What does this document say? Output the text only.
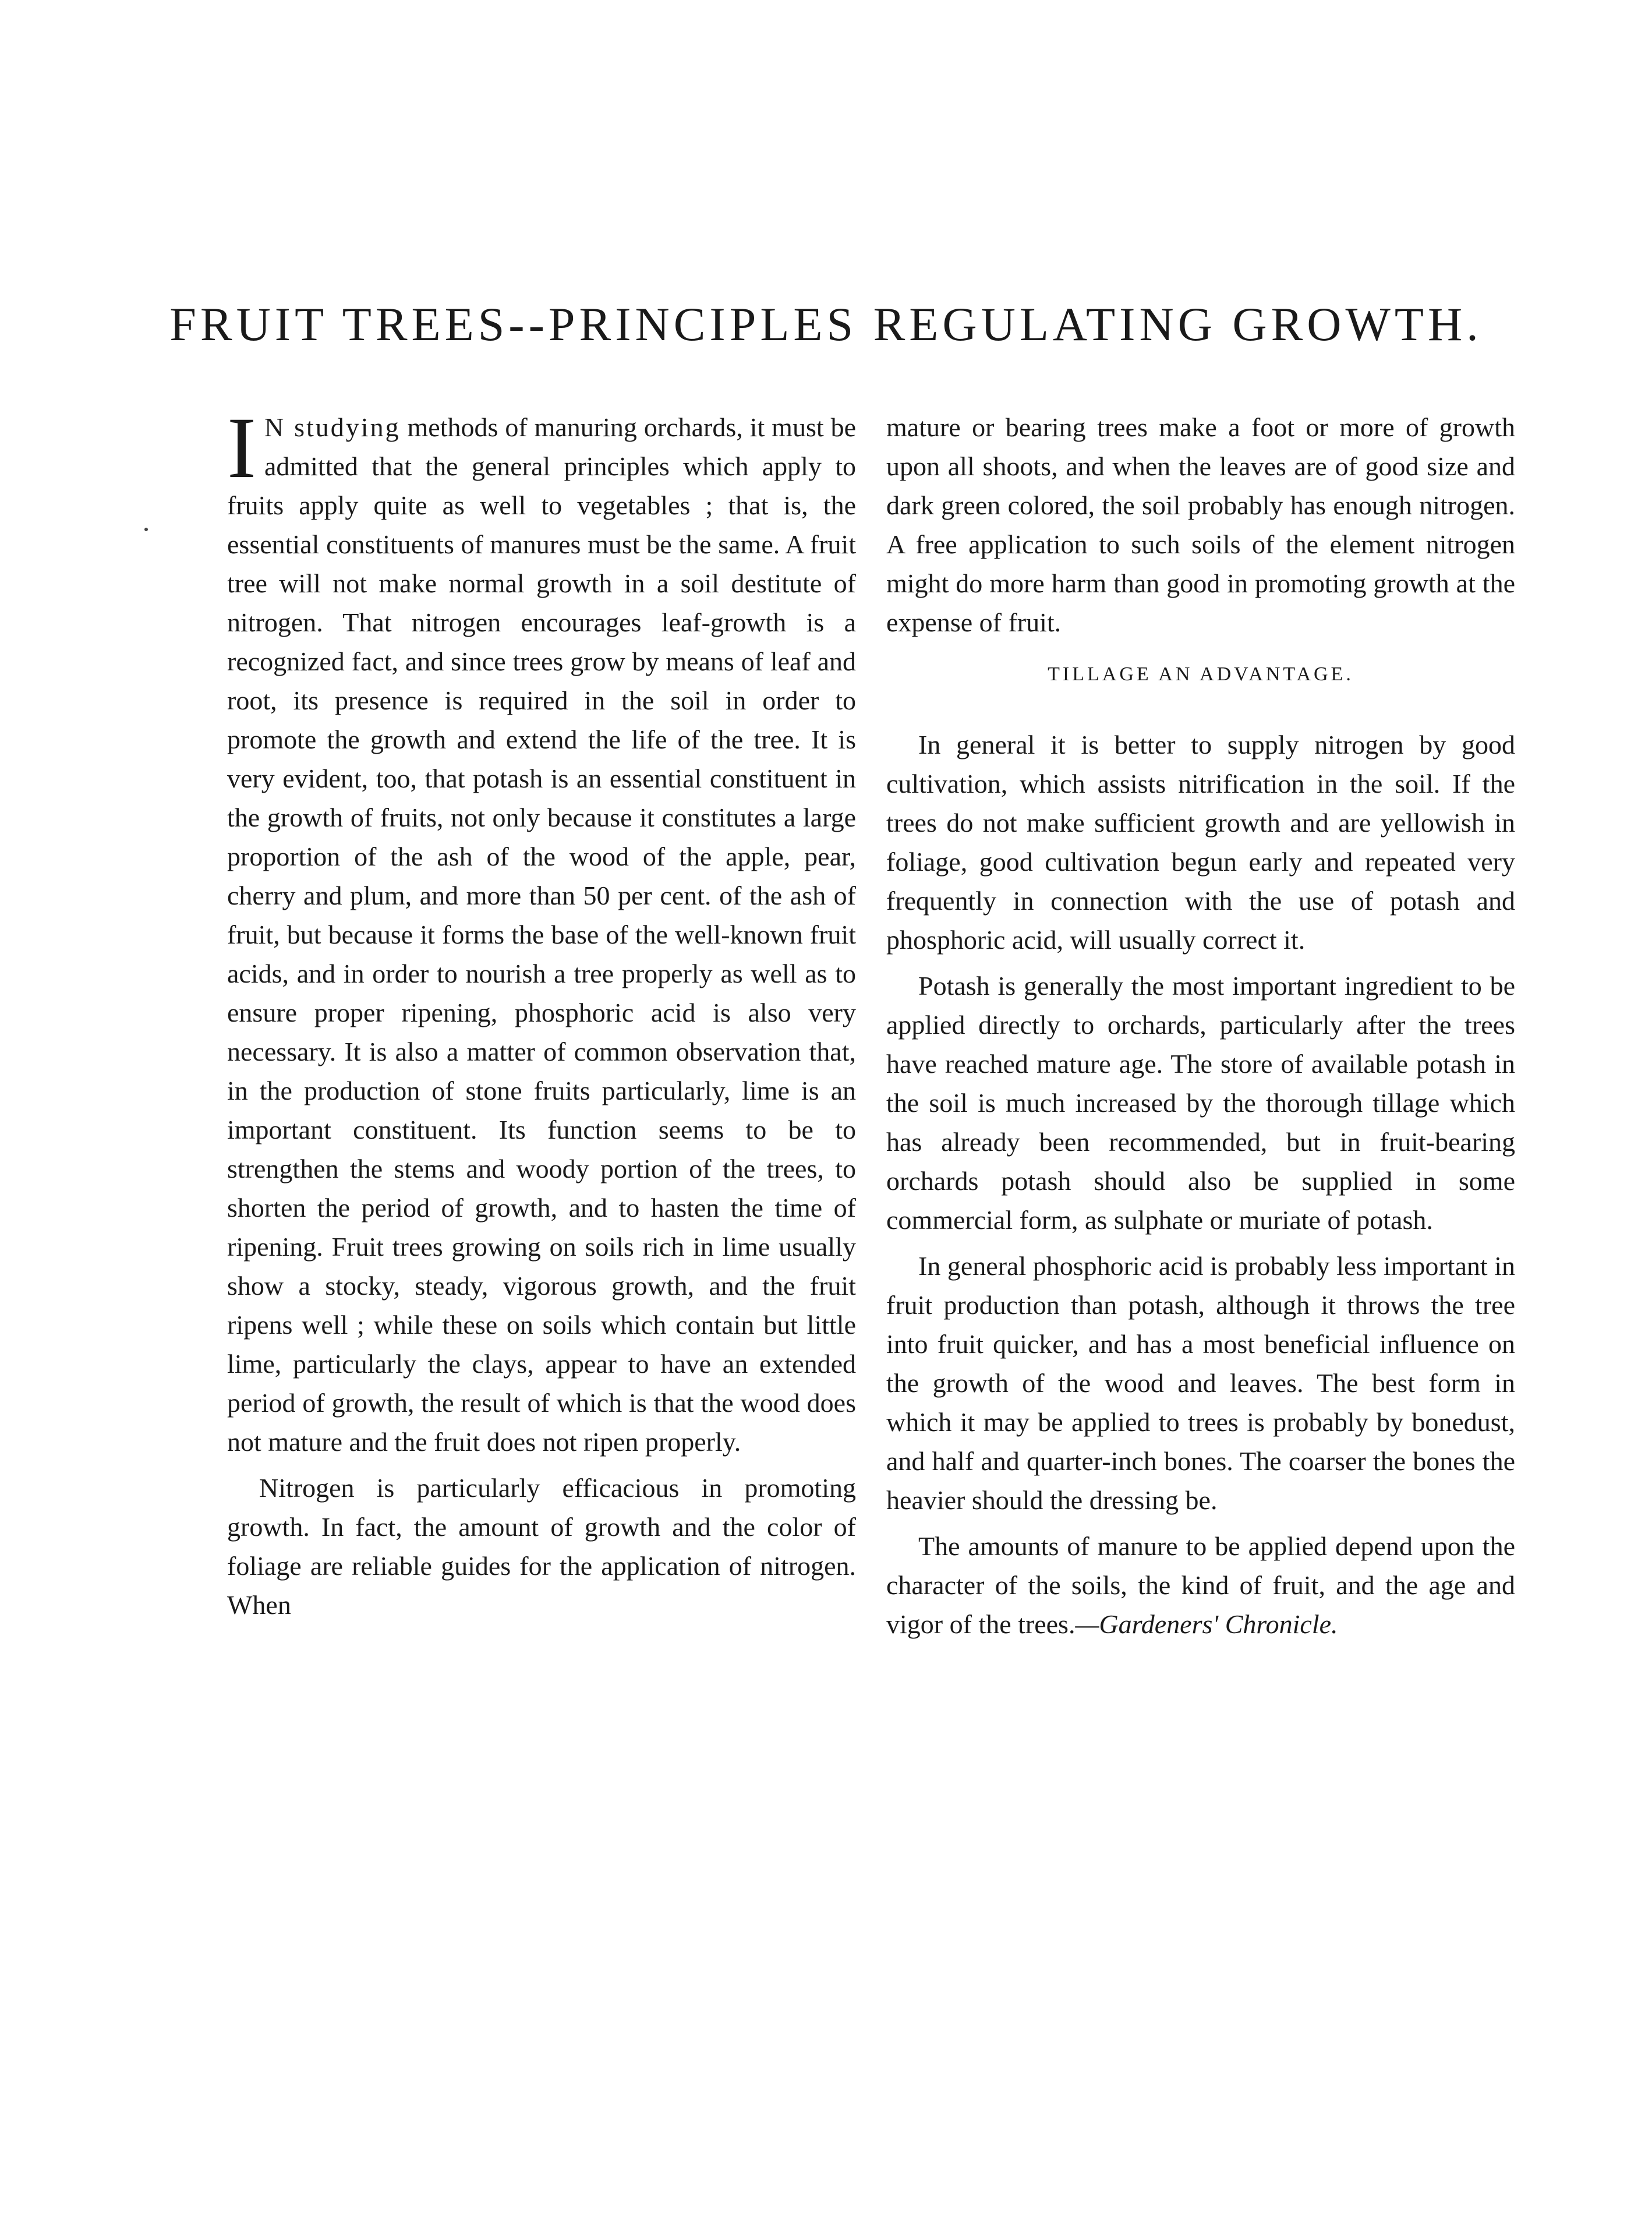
FRUIT TREES--PRINCIPLES REGULATING GROWTH.

I N studying methods of manuring orchards, it must be admitted that the general principles which apply to fruits apply quite as well to vegetables ; that is, the essential constituents of manures must be the same. A fruit tree will not make normal growth in a soil destitute of nitrogen. That nitrogen encourages leaf-growth is a recognized fact, and since trees grow by means of leaf and root, its presence is required in the soil in order to promote the growth and extend the life of the tree. It is very evident, too, that potash is an essential constituent in the growth of fruits, not only because it constitutes a large proportion of the ash of the wood of the apple, pear, cherry and plum, and more than 50 per cent. of the ash of fruit, but because it forms the base of the well-known fruit acids, and in order to nourish a tree properly as well as to ensure proper ripening, phosphoric acid is also very necessary. It is also a matter of common observation that, in the production of stone fruits particularly, lime is an important constituent. Its function seems to be to strengthen the stems and woody portion of the trees, to shorten the period of growth, and to hasten the time of ripening. Fruit trees growing on soils rich in lime usually show a stocky, steady, vigorous growth, and the fruit ripens well ; while these on soils which contain but little lime, particularly the clays, appear to have an extended period of growth, the result of which is that the wood does not mature and the fruit does not ripen properly.

Nitrogen is particularly efficacious in promoting growth. In fact, the amount of growth and the color of foliage are reliable guides for the application of nitrogen. When

mature or bearing trees make a foot or more of growth upon all shoots, and when the leaves are of good size and dark green colored, the soil probably has enough nitrogen. A free application to such soils of the element nitrogen might do more harm than good in promoting growth at the expense of fruit.

TILLAGE AN ADVANTAGE.

In general it is better to supply nitrogen by good cultivation, which assists nitrification in the soil. If the trees do not make sufficient growth and are yellowish in foliage, good cultivation begun early and repeated very frequently in connection with the use of potash and phosphoric acid, will usually correct it.

Potash is generally the most important ingredient to be applied directly to orchards, particularly after the trees have reached mature age. The store of available potash in the soil is much increased by the thorough tillage which has already been recommended, but in fruit-bearing orchards potash should also be supplied in some commercial form, as sulphate or muriate of potash.

In general phosphoric acid is probably less important in fruit production than potash, although it throws the tree into fruit quicker, and has a most beneficial influence on the growth of the wood and leaves. The best form in which it may be applied to trees is probably by bonedust, and half and quarter-inch bones. The coarser the bones the heavier should the dressing be.

The amounts of manure to be applied depend upon the character of the soils, the kind of fruit, and the age and vigor of the trees.—Gardeners' Chronicle.
